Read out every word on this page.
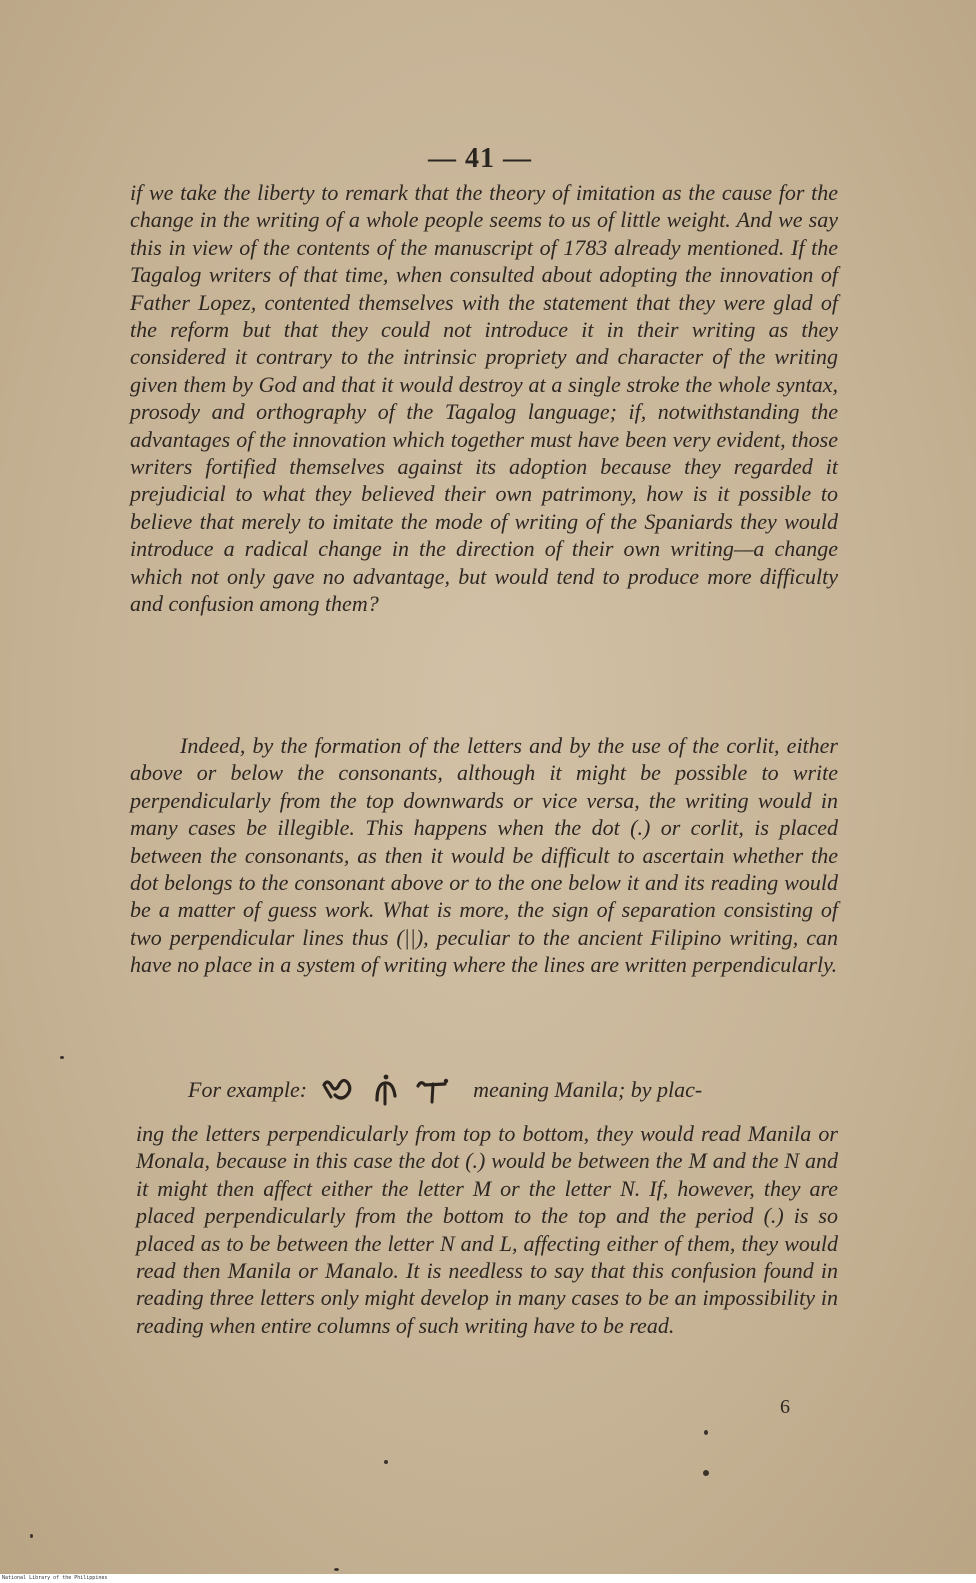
— 41 —

if we take the liberty to remark that the theory of imitation as the cause for the change in the writing of a whole people seems to us of little weight. And we say this in view of the contents of the manuscript of 1783 already mentioned. If the Tagalog writers of that time, when consulted about adopting the innovation of Father Lopez, contented themselves with the statement that they were glad of the reform but that they could not introduce it in their writing as they considered it contrary to the intrinsic propriety and character of the writing given them by God and that it would destroy at a single stroke the whole syntax, prosody and orthography of the Tagalog language; if, notwithstanding the advantages of the innovation which together must have been very evident, those writers fortified themselves against its adoption because they regarded it prejudicial to what they believed their own patrimony, how is it possible to believe that merely to imitate the mode of writing of the Spaniards they would introduce a radical change in the direction of their own writing—a change which not only gave no advantage, but would tend to produce more difficulty and confusion among them?

Indeed, by the formation of the letters and by the use of the corlit, either above or below the consonants, although it might be possible to write perpendicularly from the top downwards or vice versa, the writing would in many cases be illegible. This happens when the dot (.) or corlit, is placed between the consonants, as then it would be difficult to ascertain whether the dot belongs to the consonant above or to the one below it and its reading would be a matter of guess work. What is more, the sign of separation consisting of two perpendicular lines thus (||), peculiar to the ancient Filipino writing, can have no place in a system of writing where the lines are written perpendicularly.

For example:	meaning Manila; by plac-

ing the letters perpendicularly from top to bottom, they would read Manila or Monala, because in this case the dot (.) would be between the M and the N and it might then affect either the letter M or the letter N. If, however, they are placed perpendicularly from the bottom to the top and the period (.) is so placed as to be between the letter N and L, affecting either of them, they would read then Manila or Manalo. It is needless to say that this confusion found in reading three letters only might develop in many cases to be an impossibility in reading when entire columns of such writing have to be read.

6
National Library of the Philippines
